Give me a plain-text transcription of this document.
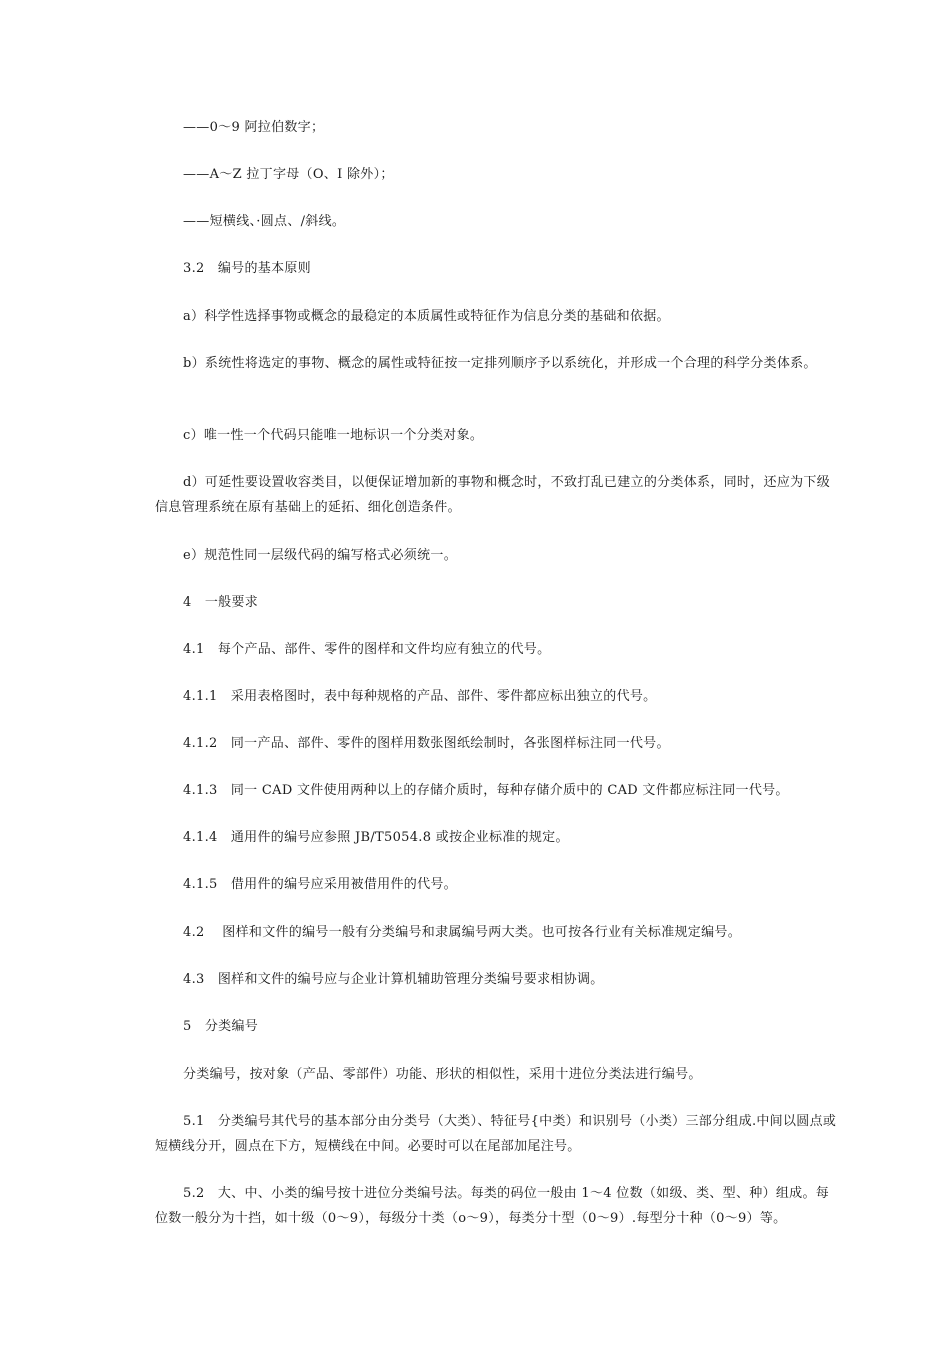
——0～9 阿拉伯数字；

——A～Z 拉丁字母（O、I 除外）；

——短横线、·圆点、/斜线。

3.2　编号的基本原则

a）科学性选择事物或概念的最稳定的本质属性或特征作为信息分类的基础和依据。

b）系统性将选定的事物、概念的属性或特征按一定排列顺序予以系统化，并形成一个合理的科学分类体系。

c）唯一性一个代码只能唯一地标识一个分类对象。

d）可延性要设置收容类目，以便保证增加新的事物和概念时，不致打乱已建立的分类体系，同时，还应为下级信息管理系统在原有基础上的延拓、细化创造条件。

e）规范性同一层级代码的编写格式必须统一。

4　一般要求

4.1　每个产品、部件、零件的图样和文件均应有独立的代号。

4.1.1　采用表格图时，表中每种规格的产品、部件、零件都应标出独立的代号。

4.1.2　同一产品、部件、零件的图样用数张图纸绘制时，各张图样标注同一代号。

4.1.3　同一 CAD 文件使用两种以上的存储介质时，每种存储介质中的 CAD 文件都应标注同一代号。

4.1.4　通用件的编号应参照 JB/T5054.8 或按企业标准的规定。

4.1.5　借用件的编号应采用被借用件的代号。

4.2　 图样和文件的编号一般有分类编号和隶属编号两大类。也可按各行业有关标准规定编号。

4.3　图样和文件的编号应与企业计算机辅助管理分类编号要求相协调。

5　分类编号

分类编号，按对象（产品、零部件）功能、形状的相似性，采用十进位分类法进行编号。

5.1　分类编号其代号的基本部分由分类号（大类）、特征号{中类）和识别号（小类）三部分组成.中间以圆点或短横线分开，圆点在下方，短横线在中间。必要时可以在尾部加尾注号。

5.2　大、中、小类的编号按十进位分类编号法。每类的码位一般由 1～4 位数（如级、类、型、种）组成。每位数一般分为十挡，如十级（0～9），每级分十类（o～9），每类分十型（0～9）.每型分十种（0～9）等。
